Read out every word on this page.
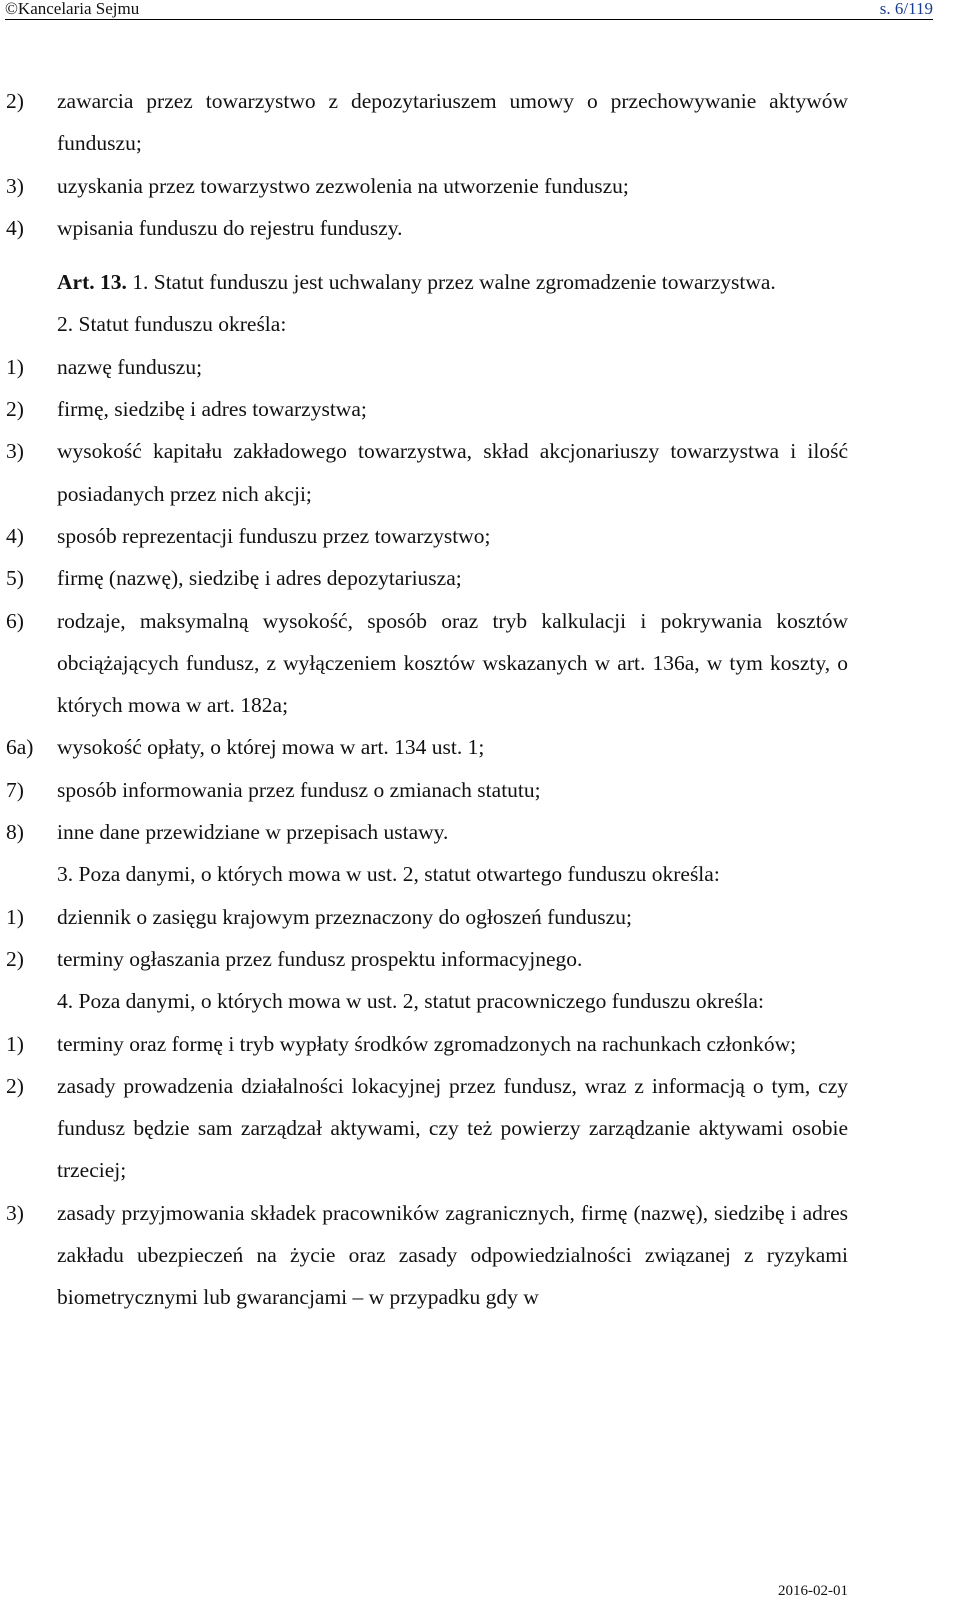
©Kancelaria Sejmu	s. 6/119
2) zawarcia przez towarzystwo z depozytariuszem umowy o przechowywanie aktywów funduszu;
3) uzyskania przez towarzystwo zezwolenia na utworzenie funduszu;
4) wpisania funduszu do rejestru funduszy.
Art. 13. 1. Statut funduszu jest uchwalany przez walne zgromadzenie towarzystwa.
2. Statut funduszu określa:
1) nazwę funduszu;
2) firmę, siedzibę i adres towarzystwa;
3) wysokość kapitału zakładowego towarzystwa, skład akcjonariuszy towarzystwa i ilość posiadanych przez nich akcji;
4) sposób reprezentacji funduszu przez towarzystwo;
5) firmę (nazwę), siedzibę i adres depozytariusza;
6) rodzaje, maksymalną wysokość, sposób oraz tryb kalkulacji i pokrywania kosztów obciążających fundusz, z wyłączeniem kosztów wskazanych w art. 136a, w tym koszty, o których mowa w art. 182a;
6a) wysokość opłaty, o której mowa w art. 134 ust. 1;
7) sposób informowania przez fundusz o zmianach statutu;
8) inne dane przewidziane w przepisach ustawy.
3. Poza danymi, o których mowa w ust. 2, statut otwartego funduszu określa:
1) dziennik o zasięgu krajowym przeznaczony do ogłoszeń funduszu;
2) terminy ogłaszania przez fundusz prospektu informacyjnego.
4. Poza danymi, o których mowa w ust. 2, statut pracowniczego funduszu określa:
1) terminy oraz formę i tryb wypłaty środków zgromadzonych na rachunkach członków;
2) zasady prowadzenia działalności lokacyjnej przez fundusz, wraz z informacją o tym, czy fundusz będzie sam zarządzał aktywami, czy też powierzy zarządzanie aktywami osobie trzeciej;
3) zasady przyjmowania składek pracowników zagranicznych, firmę (nazwę), siedzibę i adres zakładu ubezpieczeń na życie oraz zasady odpowiedzialności związanej z ryzykami biometrycznymi lub gwarancjami – w przypadku gdy w
2016-02-01
